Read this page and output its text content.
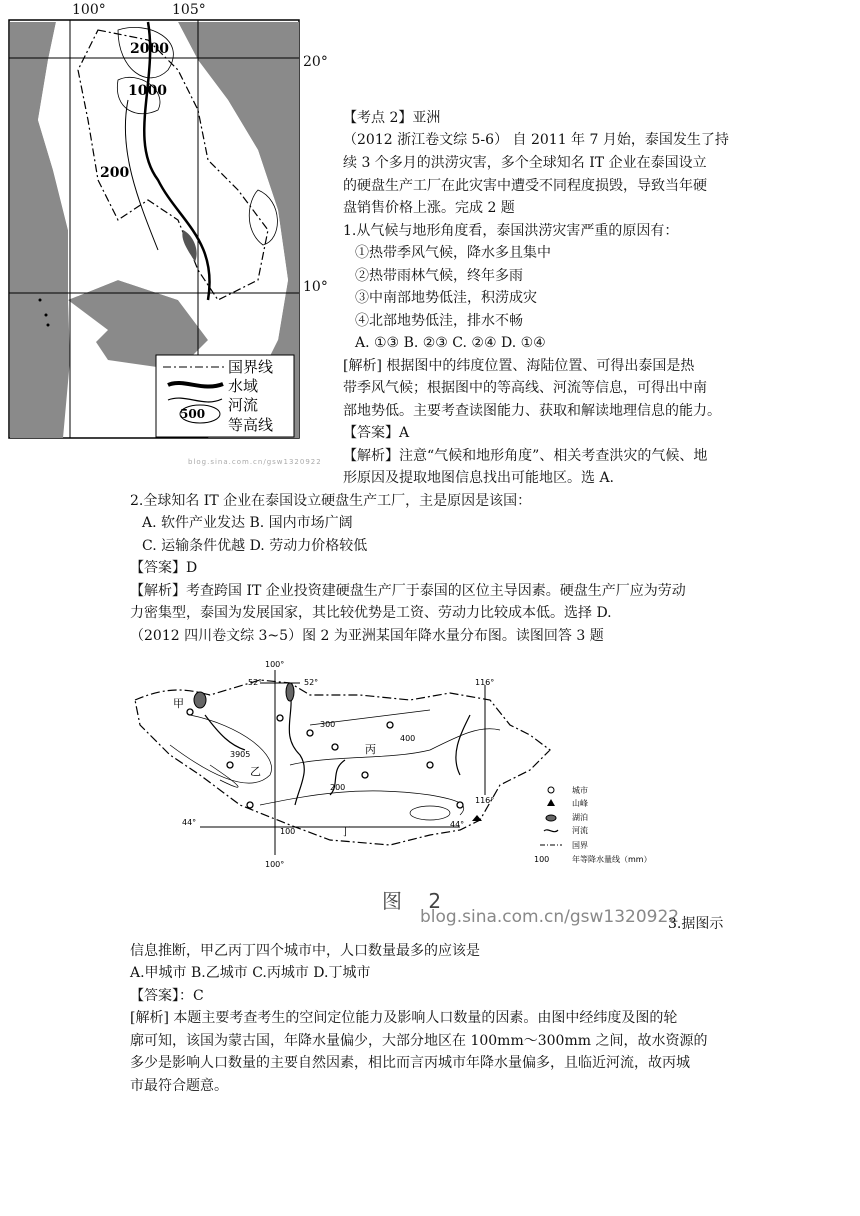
2000
1000
200
500
国界线
水域
河流
等高线
100°	105°
20°
10°
blog.sina.com.cn/gsw1320922
【考点 2】亚洲
（2012 浙江卷文综 5-6） 自 2011 年 7 月始，泰国发生了持
续 3 个多月的洪涝灾害，多个全球知名 IT 企业在泰国设立
的硬盘生产工厂在此灾害中遭受不同程度损毁，导致当年硬
盘销售价格上涨。完成 2 题
1.从气候与地形角度看，泰国洪涝灾害严重的原因有：
①热带季风气候，降水多且集中
②热带雨林气候，终年多雨
③中南部地势低洼，积涝成灾
④北部地势低洼，排水不畅
A. ①③ B. ②③ C. ②④ D. ①④
[解析] 根据图中的纬度位置、海陆位置、可得出泰国是热
带季风气候；根据图中的等高线、河流等信息，可得出中南
部地势低。主要考查读图能力、获取和解读地理信息的能力。
【答案】A
【解析】注意“气候和地形角度”、相关考查洪灾的气候、地
形原因及提取地图信息找出可能地区。选 A.
2.全球知名 IT 企业在泰国设立硬盘生产工厂，主是原因是该国：
A. 软件产业发达 B. 国内市场广阔
C. 运输条件优越 D. 劳动力价格较低
【答案】D
【解析】考查跨国 IT 企业投资建硬盘生产厂于泰国的区位主导因素。硬盘生产厂应为劳动
力密集型，泰国为发展国家，其比较优势是工资、劳动力比较成本低。选择 D.
（2012 四川卷文综 3~5）图 2 为亚洲某国年降水量分布图。读图回答 3 题
甲
乙
丙
丁
3905
100
200
300
400
100°
100°
116°
116°
52°	52°
44°	44°
100
城市
山峰
湖泊
河流
国界
年等降水量线（mm）
图 2
blog.sina.com.cn/gsw1320922
3.据图示
信息推断，甲乙丙丁四个城市中，人口数量最多的应该是
A.甲城市 B.乙城市 C.丙城市 D.丁城市
【答案】：C
[解析] 本题主要考查考生的空间定位能力及影响人口数量的因素。由图中经纬度及图的轮
廓可知，该国为蒙古国，年降水量偏少，大部分地区在 100mm～300mm 之间，故水资源的
多少是影响人口数量的主要自然因素，相比而言丙城市年降水量偏多，且临近河流，故丙城
市最符合题意。
